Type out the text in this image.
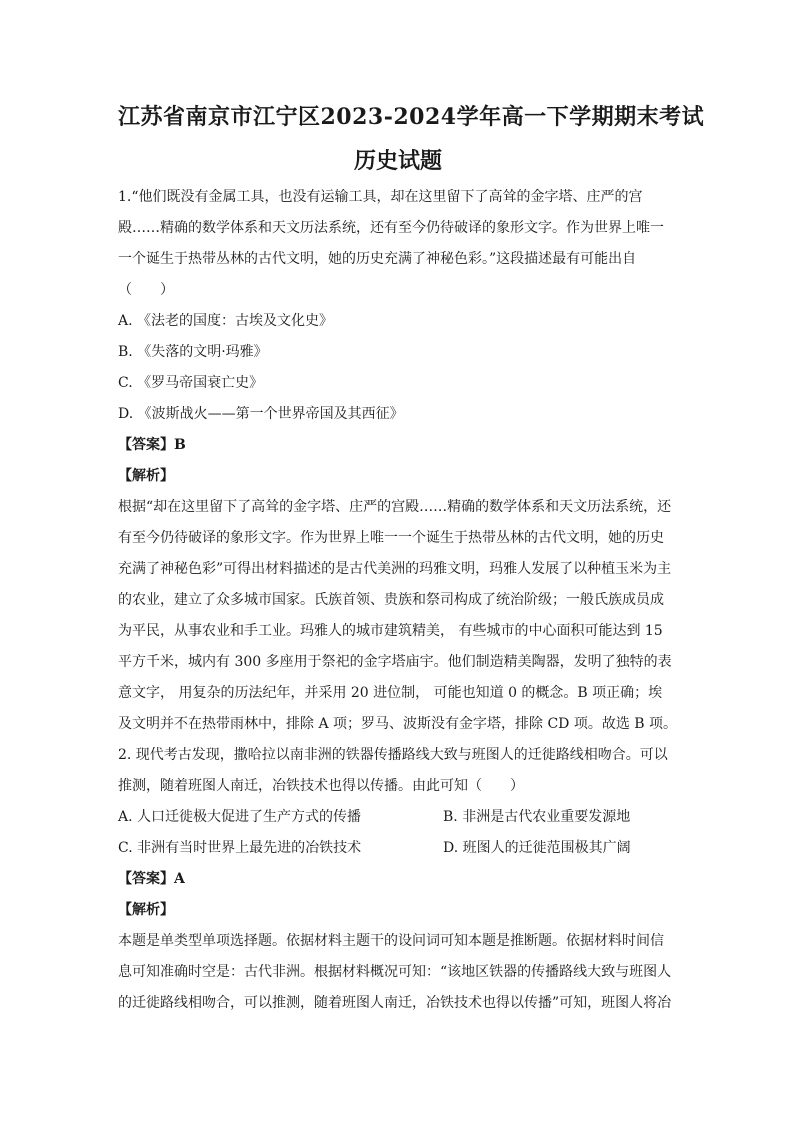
江苏省南京市江宁区2023-2024学年高一下学期期末考试
历史试题

1.“他们既没有金属工具，也没有运输工具，却在这里留下了高耸的金字塔、庄严的宫

殿……精确的数学体系和天文历法系统，还有至今仍待破译的象形文字。作为世界上唯一

一个诞生于热带丛林的古代文明，她的历史充满了神秘色彩。”这段描述最有可能出自

（　　）

A. 《法老的国度：古埃及文化史》

B. 《失落的文明·玛雅》

C. 《罗马帝国衰亡史》

D. 《波斯战火——第一个世界帝国及其西征》

【答案】B

【解析】

根据“却在这里留下了高耸的金字塔、庄严的宫殿……精确的数学体系和天文历法系统，还

有至今仍待破译的象形文字。作为世界上唯一一个诞生于热带丛林的古代文明，她的历史

充满了神秘色彩”可得出材料描述的是古代美洲的玛雅文明，玛雅人发展了以种植玉米为主

的农业，建立了众多城市国家。氏族首领、贵族和祭司构成了统治阶级；一般氏族成员成

为平民，从事农业和手工业。玛雅人的城市建筑精美， 有些城市的中心面积可能达到 15

平方千米，城内有 300 多座用于祭祀的金字塔庙宇。他们制造精美陶器，发明了独特的表

意文字， 用复杂的历法纪年，并采用 20 进位制， 可能也知道 0 的概念。B 项正确；埃

及文明并不在热带雨林中，排除 A 项；罗马、波斯没有金字塔，排除 CD 项。故选 B 项。

2. 现代考古发现，撒哈拉以南非洲的铁器传播路线大致与班图人的迁徙路线相吻合。可以

推测，随着班图人南迁，冶铁技术也得以传播。由此可知（　　）

A. 人口迁徙极大促进了生产方式的传播	B. 非洲是古代农业重要发源地
C. 非洲有当时世界上最先进的冶铁技术	D. 班图人的迁徙范围极其广阔

【答案】A

【解析】

本题是单类型单项选择题。依据材料主题干的设问词可知本题是推断题。依据材料时间信

息可知准确时空是：古代非洲。根据材料概况可知：“该地区铁器的传播路线大致与班图人

的迁徙路线相吻合，可以推测，随着班图人南迁，冶铁技术也得以传播”可知，班图人将冶
